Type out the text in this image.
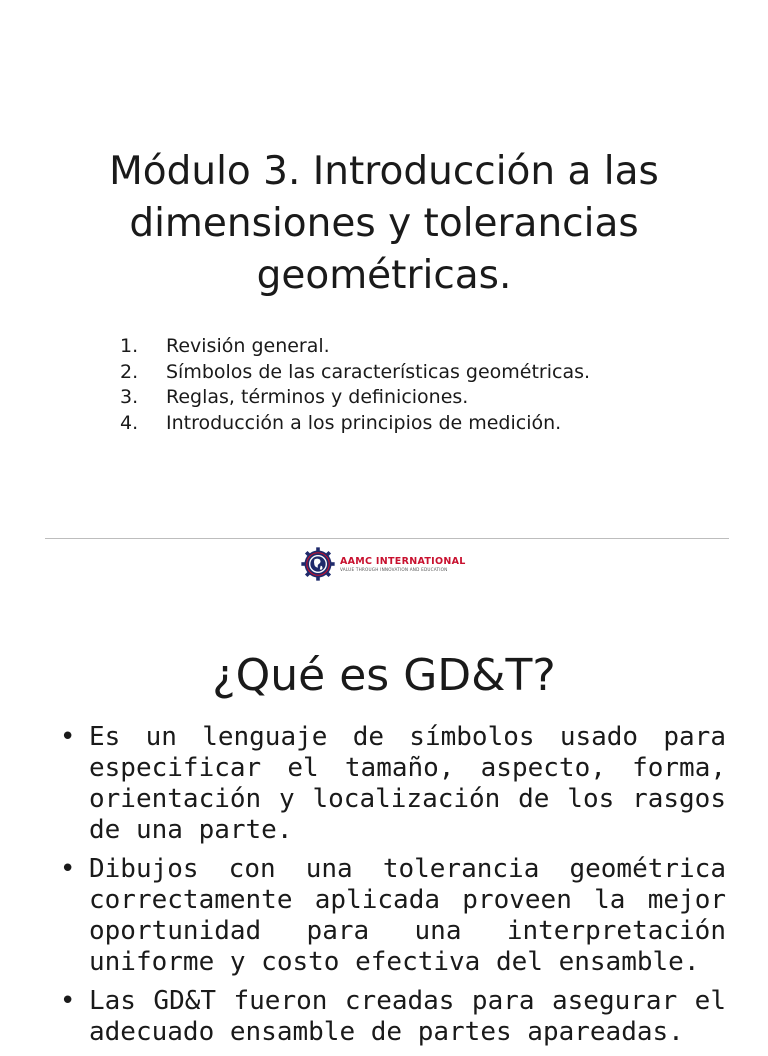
Módulo 3. Introducción a las
dimensiones y tolerancias
geométricas.
1.	Revisión general.
2.	Símbolos de las características geométricas.
3.	Reglas, términos y definiciones.
4.	Introducción a los principios de medición.
AAMC INTERNATIONAL
VALUE THROUGH INNOVATION AND EDUCATION
¿Qué es GD&T?
•
Es un lenguaje de símbolos usado para especificar el tamaño, aspecto, forma, orientación y localización de los rasgos de una parte.
•
Dibujos con una tolerancia geométrica correctamente aplicada proveen la mejor oportunidad para una interpretación uniforme y costo efectiva del ensamble.
•
Las GD&T fueron creadas para asegurar el adecuado ensamble de partes apareadas.
